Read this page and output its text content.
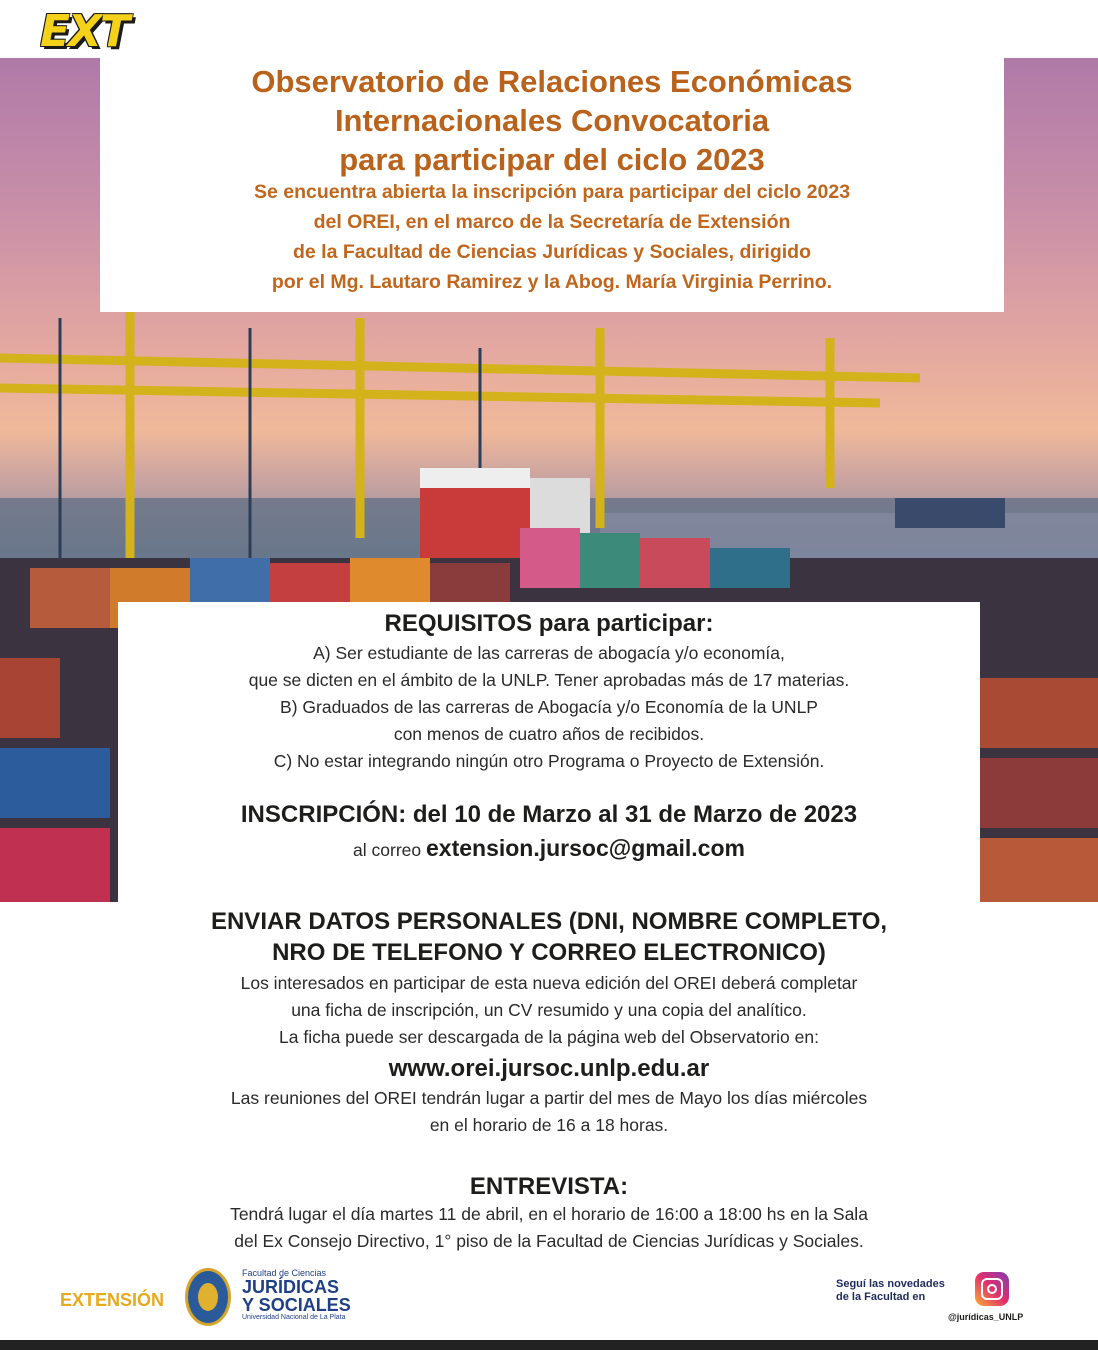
EXT
Observatorio de Relaciones Económicas
Internacionales Convocatoria
para participar del ciclo 2023
Se encuentra abierta la inscripción para participar del ciclo 2023
del OREI, en el marco de la Secretaría de Extensión
de la Facultad de Ciencias Jurídicas y Sociales, dirigido
por el Mg. Lautaro Ramirez y la Abog. María Virginia Perrino.
REQUISITOS para participar:
A) Ser estudiante de las carreras de abogacía y/o economía,
que se dicten en el ámbito de la UNLP. Tener aprobadas más de 17 materias.
B) Graduados de las carreras de Abogacía y/o Economía de la UNLP
con menos de cuatro años de recibidos.
C) No estar integrando ningún otro Programa o Proyecto de Extensión.
INSCRIPCIÓN: del 10 de Marzo al 31 de Marzo de 2023
al correo extension.jursoc@gmail.com
ENVIAR DATOS PERSONALES (DNI, NOMBRE COMPLETO,
NRO DE TELEFONO Y CORREO ELECTRONICO)
Los interesados en participar de esta nueva edición del OREI deberá completar
una ficha de inscripción, un CV resumido y una copia del analítico.
La ficha puede ser descargada de la página web del Observatorio en:
www.orei.jursoc.unlp.edu.ar
Las reuniones del OREI tendrán lugar a partir del mes de Mayo los días miércoles
en el horario de 16 a 18 horas.
ENTREVISTA:
Tendrá lugar el día martes 11 de abril, en el horario de 16:00 a 18:00 hs en la Sala
del Ex Consejo Directivo, 1° piso de la Facultad de Ciencias Jurídicas y Sociales.
EXTENSIÓN
Facultad de Ciencias
JURÍDICAS
Y SOCIALES
Universidad Nacional de La Plata
Seguí las novedades
de la Facultad en
@jurídicas_UNLP
